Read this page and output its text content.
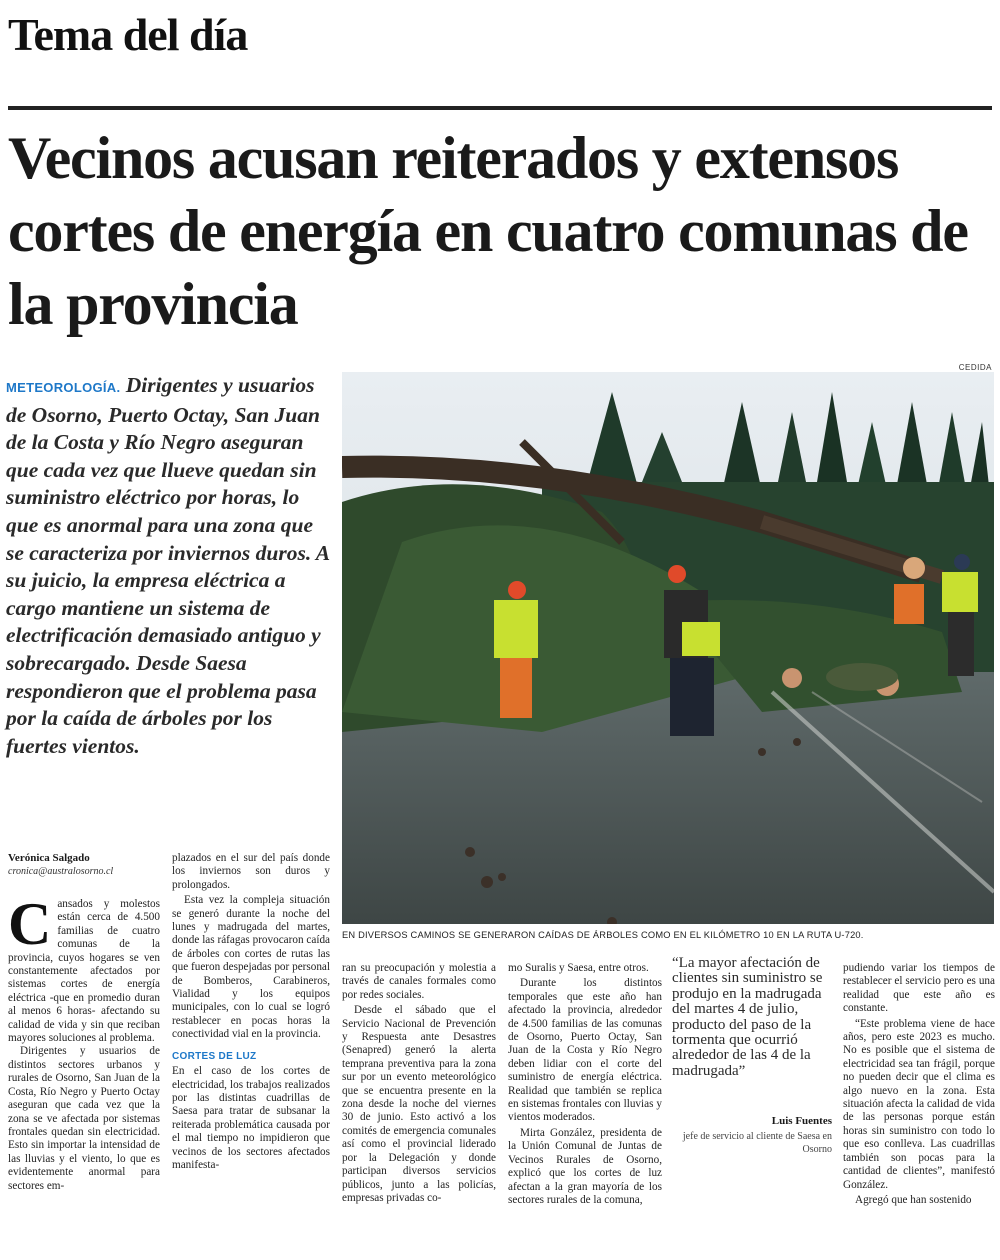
Tema del día
Vecinos acusan reiterados y extensos cortes de energía en cuatro comunas de la provincia
METEOROLOGÍA. Dirigentes y usuarios de Osorno, Puerto Octay, San Juan de la Costa y Río Negro aseguran que cada vez que llueve quedan sin suministro eléctrico por horas, lo que es anormal para una zona que se caracteriza por inviernos duros. A su juicio, la empresa eléctrica a cargo mantiene un sistema de electrificación demasiado antiguo y sobrecargado. Desde Saesa respondieron que el problema pasa por la caída de árboles por los fuertes vientos.
CEDIDA
EN DIVERSOS CAMINOS SE GENERARON CAÍDAS DE ÁRBOLES COMO EN EL KILÓMETRO 10 EN LA RUTA U-720.
Verónica Salgado
cronica@australosorno.cl
C ansados y molestos están cerca de 4.500 familias de cuatro comunas de la provincia, cuyos hogares se ven constantemente afectados por sistemas cortes de energía eléctrica -que en promedio duran al menos 6 horas- afectando su calidad de vida y sin que reciban mayores soluciones al problema.

Dirigentes y usuarios de distintos sectores urbanos y rurales de Osorno, San Juan de la Costa, Río Negro y Puerto Octay aseguran que cada vez que la zona se ve afectada por sistemas frontales quedan sin electricidad. Esto sin importar la intensidad de las lluvias y el viento, lo que es evidentemente anormal para sectores em-

plazados en el sur del país donde los inviernos son duros y prolongados.

Esta vez la compleja situación se generó durante la noche del lunes y madrugada del martes, donde las ráfagas provocaron caída de árboles con cortes de rutas las que fueron despejadas por personal de Bomberos, Carabineros, Vialidad y los equipos municipales, con lo cual se logró restablecer en pocas horas la conectividad vial en la provincia.

CORTES DE LUZ

En el caso de los cortes de electricidad, los trabajos realizados por las distintas cuadrillas de Saesa para tratar de subsanar la reiterada problemática causada por el mal tiempo no impidieron que vecinos de los sectores afectados manifesta-

ran su preocupación y molestia a través de canales formales como por redes sociales.

Desde el sábado que el Servicio Nacional de Prevención y Respuesta ante Desastres (Senapred) generó la alerta temprana preventiva para la zona sur por un evento meteorológico que se encuentra presente en la zona desde la noche del viernes 30 de junio. Esto activó a los comités de emergencia comunales así como el provincial liderado por la Delegación y donde participan diversos servicios públicos, junto a las policías, empresas privadas co-

mo Suralis y Saesa, entre otros.

Durante los distintos temporales que este año han afectado la provincia, alrededor de 4.500 familias de las comunas de Osorno, Puerto Octay, San Juan de la Costa y Río Negro deben lidiar con el corte del suministro de energía eléctrica. Realidad que también se replica en sistemas frontales con lluvias y vientos moderados.

Mirta González, presidenta de la Unión Comunal de Juntas de Vecinos Rurales de Osorno, explicó que los cortes de luz afectan a la gran mayoría de los sectores rurales de la comuna,

“La mayor afectación de clientes sin suministro se produjo en la madrugada del martes 4 de julio, producto del paso de la tormenta que ocurrió alrededor de las 4 de la madrugada”
Luis Fuentes
jefe de servicio al cliente de Saesa en Osorno

pudiendo variar los tiempos de restablecer el servicio pero es una realidad que este año es constante.

“Este problema viene de hace años, pero este 2023 es mucho. No es posible que el sistema de electricidad sea tan frágil, porque no pueden decir que el clima es algo nuevo en la zona. Esta situación afecta la calidad de vida de las personas porque están horas sin suministro con todo lo que eso conlleva. Las cuadrillas también son pocas para la cantidad de clientes”, manifestó González.

Agregó que han sostenido
